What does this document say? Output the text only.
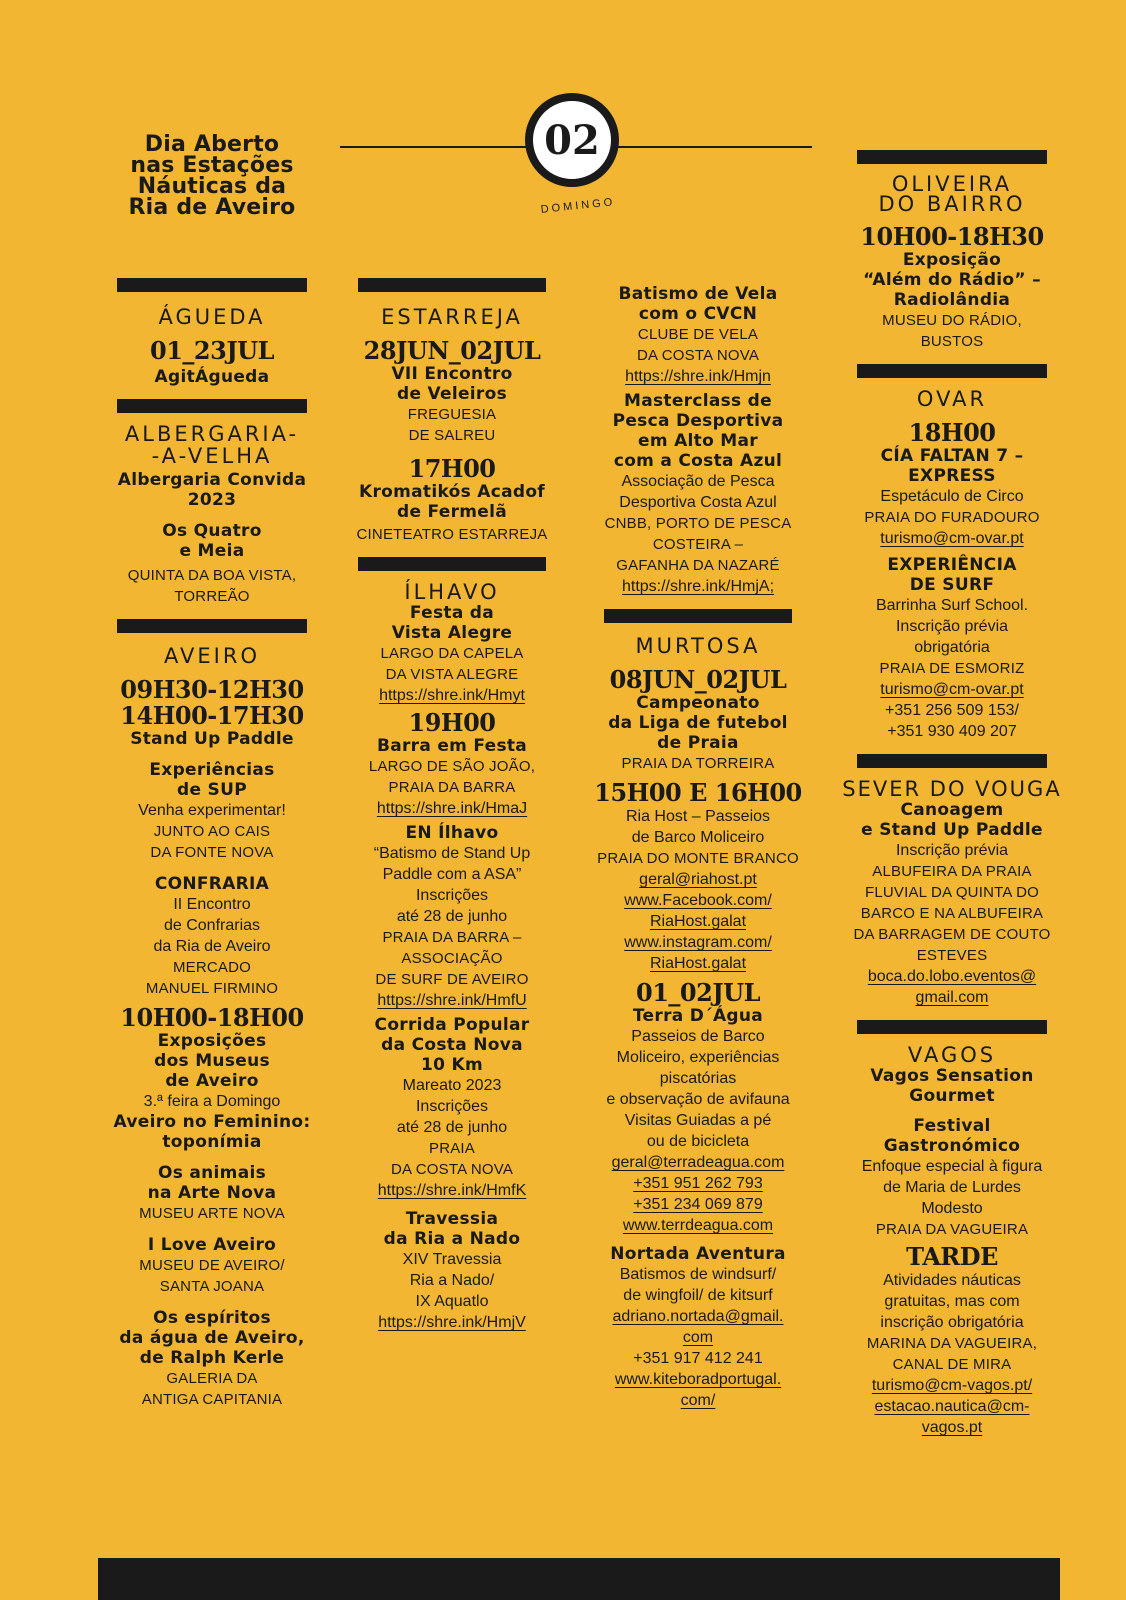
Dia Aberto
nas Estações
Náuticas da
Ria de Aveiro
02
DOMINGO
ÁGUEDA
01_23JUL
AgitÁgueda
ALBERGARIA-
-A-VELHA
Albergaria Convida
2023
Os Quatro
e Meia
QUINTA DA BOA VISTA,
TORREÃO
AVEIRO
09H30-12H30
14H00-17H30
Stand Up Paddle
Experiências
de SUP
Venha experimentar!
JUNTO AO CAIS
DA FONTE NOVA
CONFRARIA
II Encontro
de Confrarias
da Ria de Aveiro
MERCADO
MANUEL FIRMINO
10H00-18H00
Exposições
dos Museus
de Aveiro
3.ª feira a Domingo
Aveiro no Feminino:
toponímia
Os animais
na Arte Nova
MUSEU ARTE NOVA
I Love Aveiro
MUSEU DE AVEIRO/
SANTA JOANA
Os espíritos
da água de Aveiro,
de Ralph Kerle
GALERIA DA
ANTIGA CAPITANIA
ESTARREJA
28JUN_02JUL
VII Encontro
de Veleiros
FREGUESIA
DE SALREU
17H00
Kromatikós Acadof
de Fermelã
CINETEATRO ESTARREJA
ÍLHAVO
Festa da
Vista Alegre
LARGO DA CAPELA
DA VISTA ALEGRE
https://shre.ink/Hmyt
19H00
Barra em Festa
LARGO DE SÃO JOÃO,
PRAIA DA BARRA
https://shre.ink/HmaJ
EN Ílhavo
“Batismo de Stand Up
Paddle com a ASA”
Inscrições
até 28 de junho
PRAIA DA BARRA –
ASSOCIAÇÃO
DE SURF DE AVEIRO
https://shre.ink/HmfU
Corrida Popular
da Costa Nova
10 Km
Mareato 2023
Inscrições
até 28 de junho
PRAIA
DA COSTA NOVA
https://shre.ink/HmfK
Travessia
da Ria a Nado
XIV Travessia
Ria a Nado/
IX Aquatlo
https://shre.ink/HmjV
Batismo de Vela
com o CVCN
CLUBE DE VELA
DA COSTA NOVA
https://shre.ink/Hmjn
Masterclass de
Pesca Desportiva
em Alto Mar
com a Costa Azul
Associação de Pesca
Desportiva Costa Azul
CNBB, PORTO DE PESCA
COSTEIRA –
GAFANHA DA NAZARÉ
https://shre.ink/HmjA;
MURTOSA
08JUN_02JUL
Campeonato
da Liga de futebol
de Praia
PRAIA DA TORREIRA
15H00 E 16H00
Ria Host – Passeios
de Barco Moliceiro
PRAIA DO MONTE BRANCO
geral@riahost.pt
www.Facebook.com/
RiaHost.galat
www.instagram.com/
RiaHost.galat
01_02JUL
Terra D´Água
Passeios de Barco
Moliceiro, experiências
piscatórias
e observação de avifauna
Visitas Guiadas a pé
ou de bicicleta
geral@terradeagua.com
+351 951 262 793
+351 234 069 879
www.terrdeagua.com
Nortada Aventura
Batismos de windsurf/
de wingfoil/ de kitsurf
adriano.nortada@gmail.
com
+351 917 412 241
www.kiteboradportugal.
com/
OLIVEIRA
DO BAIRRO
10H00-18H30
Exposição
“Além do Rádio” –
Radiolândia
MUSEU DO RÁDIO,
BUSTOS
OVAR
18H00
CÍA FALTAN 7 –
EXPRESS
Espetáculo de Circo
PRAIA DO FURADOURO
turismo@cm-ovar.pt
EXPERIÊNCIA
DE SURF
Barrinha Surf School.
Inscrição prévia
obrigatória
PRAIA DE ESMORIZ
turismo@cm-ovar.pt
+351 256 509 153/
+351 930 409 207
SEVER DO VOUGA
Canoagem
e Stand Up Paddle
Inscrição prévia
ALBUFEIRA DA PRAIA
FLUVIAL DA QUINTA DO
BARCO E NA ALBUFEIRA
DA BARRAGEM DE COUTO
ESTEVES
boca.do.lobo.eventos@
gmail.com
VAGOS
Vagos Sensation
Gourmet
Festival
Gastronómico
Enfoque especial à figura
de Maria de Lurdes
Modesto
PRAIA DA VAGUEIRA
TARDE
Atividades náuticas
gratuitas, mas com
inscrição obrigatória
MARINA DA VAGUEIRA,
CANAL DE MIRA
turismo@cm-vagos.pt/
estacao.nautica@cm-
vagos.pt
